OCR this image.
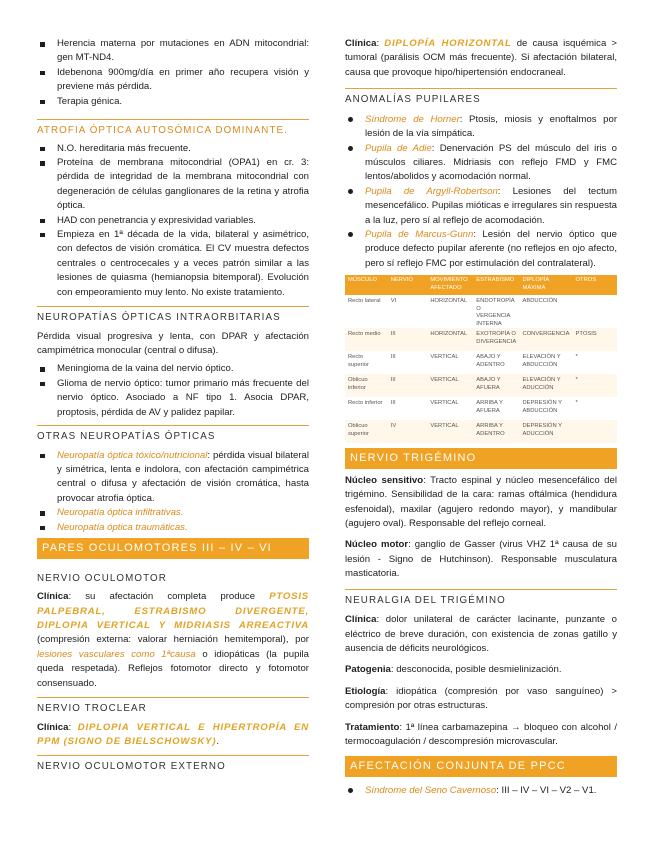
Herencia materna por mutaciones en ADN mitocondrial: gen MT-ND4.
Idebenona 900mg/día en primer año recupera visión y previene más pérdida.
Terapia génica.
ATROFIA ÓPTICA AUTOSÓMICA DOMINANTE.
N.O. hereditaria más frecuente.
Proteína de membrana mitocondrial (OPA1) en cr. 3: pérdida de integridad de la membrana mitocondrial con degeneración de células ganglionares de la retina y atrofia óptica.
HAD con penetrancia y expresividad variables.
Empieza en 1ª década de la vida, bilateral y asimétrico, con defectos de visión cromática. El CV muestra defectos centrales o centrocecales y a veces patrón similar a las lesiones de quiasma (hemianopsia bitemporal). Evolución con empeoramiento muy lento. No existe tratamiento.
NEUROPATÍAS ÓPTICAS INTRAORBITARIAS

Pérdida visual progresiva y lenta, con DPAR y afectación campimétrica monocular (central o difusa).

Meningioma de la vaina del nervio óptico.
Glioma de nervio óptico: tumor primario más frecuente del nervio óptico. Asociado a NF tipo 1. Asocia DPAR, proptosis, pérdida de AV y palidez papilar.
OTRAS NEUROPATÍAS ÓPTICAS
Neuropatía óptica tóxico/nutricional: pérdida visual bilateral y simétrica, lenta e indolora, con afectación campimétrica central o difusa y afectación de visión cromática, hasta provocar atrofia óptica.
Neuropatía óptica infiltrativas.
Neuropatía óptica traumáticas.
PARES OCULOMOTORES III – IV – VI
NERVIO OCULOMOTOR

Clínica: su afectación completa produce PTOSIS PALPEBRAL, ESTRABISMO DIVERGENTE, DIPLOPIA VERTICAL Y MIDRIASIS ARREACTIVA (compresión externa: valorar herniación hemitemporal), por lesiones vasculares como 1ªcausa o idiopáticas (la pupila queda respetada). Reflejos fotomotor directo y fotomotor consensuado.

NERVIO TROCLEAR

Clínica: DIPLOPIA VERTICAL E HIPERTROPÍA EN PPM (SIGNO DE BIELSCHOWSKY).

NERVIO OCULOMOTOR EXTERNO

Clínica: DIPLOPÍA HORIZONTAL de causa isquémica > tumoral (parálisis OCM más frecuente). Si afectación bilateral, causa que provoque hipo/hipertensión endocraneal.

ANOMALÍAS PUPILARES
Síndrome de Horner: Ptosis, miosis y enoftalmos por lesión de la vía simpática.
Pupila de Adie: Denervación PS del músculo del iris o músculos ciliares. Midriasis con reflejo FMD y FMC lentos/abolidos y acomodación normal.
Pupila de Argyll-Robertson: Lesiones del tectum mesencefálico. Pupilas mióticas e irregulares sin respuesta a la luz, pero sí al reflejo de acomodación.
Pupila de Marcus-Gunn: Lesión del nervio óptico que produce defecto pupilar aferente (no reflejos en ojo afecto, pero sí reflejo FMC por estimulación del contralateral).
MÚSCULO	NERVIO	MOVIMIENTO AFECTADO	ESTRABISMO	DIPLOPÍA MÁXIMA	OTROS
Recto lateral	VI	HORIZONTAL	ENDOTROPÍA O VERGENCIA INTERNA	ABDUCCIÓN	
Recto medio	III	HORIZONTAL	EXOTROPÍA O DIVERGENCIA	CONVERGENCIA	PTOSIS
Recto superior	III	VERTICAL	ABAJO Y ADENTRO	ELEVACIÓN Y ABDUCCIÓN	*
Oblicuo inferior	III	VERTICAL	ABAJO Y AFUERA	ELEVACIÓN Y ADUCCIÓN	*
Recto inferior	III	VERTICAL	ARRIBA Y AFUERA	DEPRESIÓN Y ABDUCCIÓN	*
Oblicuo superior	IV	VERTICAL	ARRIBA Y ADENTRO	DEPRESIÓN Y ADUCCIÓN	
NERVIO TRIGÉMINO

Núcleo sensitivo: Tracto espinal y núcleo mesencefálico del trigémino. Sensibilidad de la cara: ramas oftálmica (hendidura esfenoidal), maxilar (agujero redondo mayor), y mandibular (agujero oval). Responsable del reflejo corneal.

Núcleo motor: ganglio de Gasser (virus VHZ 1ª causa de su lesión - Signo de Hutchinson). Responsable musculatura masticatoria.

NEURALGIA DEL TRIGÉMINO

Clínica: dolor unilateral de carácter lacinante, punzante o eléctrico de breve duración, con existencia de zonas gatillo y ausencia de déficits neurológicos.

Patogenia: desconocida, posible desmielinización.

Etiología: idiopática (compresión por vaso sanguíneo) > compresión por otras estructuras.

Tratamiento: 1ª línea carbamazepina → bloqueo con alcohol / termocoagulación / descompresión microvascular.

AFECTACIÓN CONJUNTA DE PPCC
Síndrome del Seno Cavernoso: III – IV – VI – V2 – V1.
